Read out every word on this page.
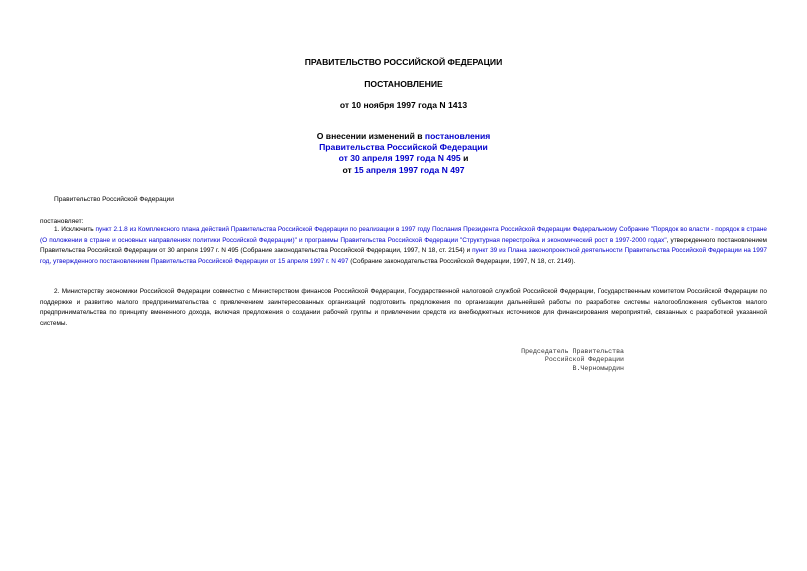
ПРАВИТЕЛЬСТВО РОССИЙСКОЙ ФЕДЕРАЦИИ
ПОСТАНОВЛЕНИЕ
от 10 ноября 1997 года N 1413
О внесении изменений в постановления
Правительства Российской Федерации
от 30 апреля 1997 года N 495 и
от 15 апреля 1997 года N 497
Правительство Российской Федерации
постановляет:

1. Исключить пункт 2.1.8 из Комплексного плана действий Правительства Российской Федерации по реализации в 1997 году Послания Президента Российской Федерации Федеральному Собрание "Порядок во власти - порядок в стране (О положении в стране и основных направлениях политики Российской Федерации)" и программы Правительства Российской Федерации "Структурная перестройка и экономический рост в 1997-2000 годах", утвержденного постановлением Правительства Российской Федерации от 30 апреля 1997 г. N 495 (Собрание законодательства Российской Федерации, 1997, N 18, ст. 2154) и пункт 39 из Плана законопроектной деятельности Правительства Российской Федерации на 1997 год, утвержденного постановлением Правительства Российской Федерации от 15 апреля 1997 г. N 497 (Собрание законодательства Российской Федерации, 1997, N 18, ст. 2149).

2. Министерству экономики Российской Федерации совместно с Министерством финансов Российской Федерации, Государственной налоговой службой Российской Федерации, Государственным комитетом Российской Федерации по поддержке и развитию малого предпринимательства с привлечением заинтересованных организаций подготовить предложения по организации дальнейшей работы по разработке системы налогообложения субъектов малого предпринимательства по принципу вмененного дохода, включая предложения о создании рабочей группы и привлечении средств из внебюджетных источников для финансирования мероприятий, связанных с разработкой указанной системы.

Председатель Правительства
Российской Федерации
В.Черномырдин
